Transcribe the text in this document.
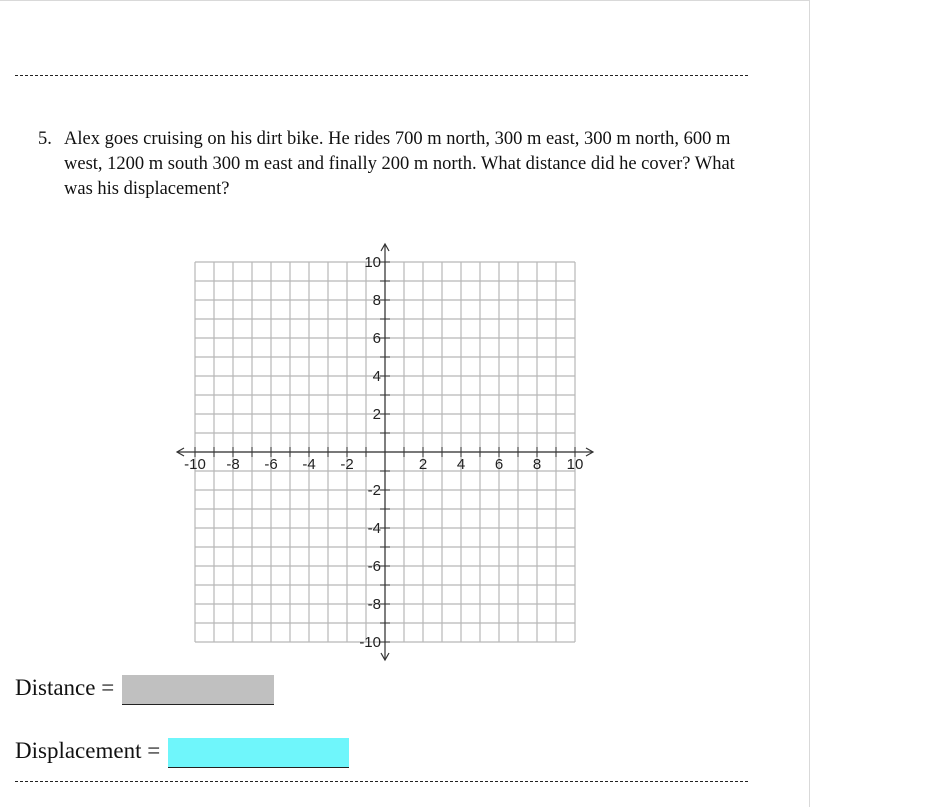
5. Alex goes cruising on his dirt bike. He rides 700 m north, 300 m east, 300 m north, 600 m west, 1200 m south 300 m east and finally 200 m north. What distance did he cover? What was his displacement?
-10 -8 -6 -4 -2	2 4 6 8 10
10
8
6
4
2
-2
-4
-6
-8
-10
Distance =
Displacement =
